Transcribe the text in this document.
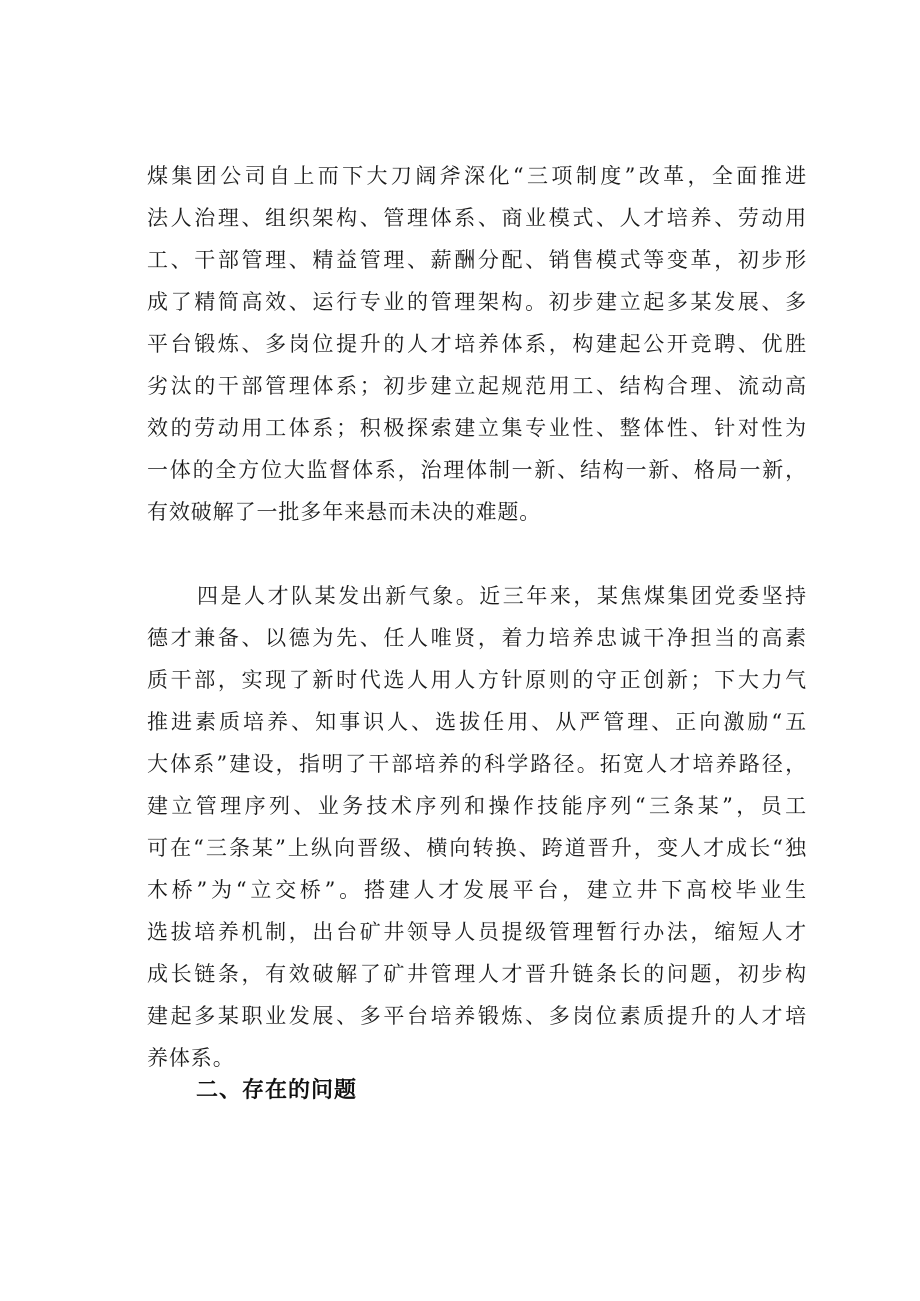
煤集团公司自上而下大刀阔斧深化“三项制度”改革，全面推进
法人治理、组织架构、管理体系、商业模式、人才培养、劳动用
工、干部管理、精益管理、薪酬分配、销售模式等变革，初步形
成了精简高效、运行专业的管理架构。初步建立起多某发展、多
平台锻炼、多岗位提升的人才培养体系，构建起公开竞聘、优胜
劣汰的干部管理体系；初步建立起规范用工、结构合理、流动高
效的劳动用工体系；积极探索建立集专业性、整体性、针对性为
一体的全方位大监督体系，治理体制一新、结构一新、格局一新，
有效破解了一批多年来悬而未决的难题。
四是人才队某发出新气象。近三年来，某焦煤集团党委坚持
德才兼备、以德为先、任人唯贤，着力培养忠诚干净担当的高素
质干部，实现了新时代选人用人方针原则的守正创新；下大力气
推进素质培养、知事识人、选拔任用、从严管理、正向激励“五
大体系”建设，指明了干部培养的科学路径。拓宽人才培养路径，
建立管理序列、业务技术序列和操作技能序列“三条某”，员工
可在“三条某”上纵向晋级、横向转换、跨道晋升，变人才成长“独
木桥”为“立交桥”。搭建人才发展平台，建立井下高校毕业生
选拔培养机制，出台矿井领导人员提级管理暂行办法，缩短人才
成长链条，有效破解了矿井管理人才晋升链条长的问题，初步构
建起多某职业发展、多平台培养锻炼、多岗位素质提升的人才培
养体系。
二、存在的问题
